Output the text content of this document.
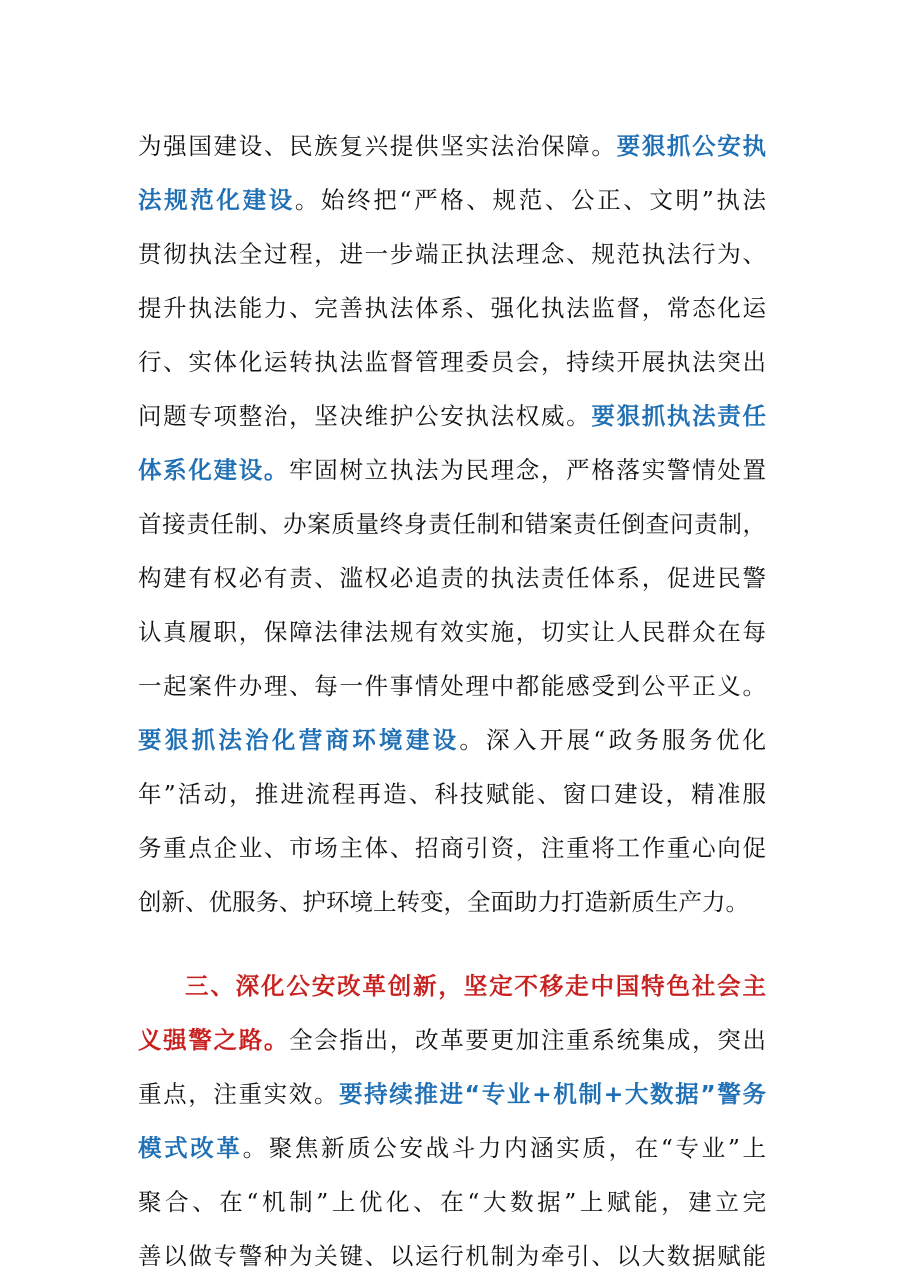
为强国建设、民族复兴提供坚实法治保障。要狠抓公安执
法规范化建设。始终把“严格、规范、公正、文明”执法
贯彻执法全过程，进一步端正执法理念、规范执法行为、
提升执法能力、完善执法体系、强化执法监督，常态化运
行、实体化运转执法监督管理委员会，持续开展执法突出
问题专项整治，坚决维护公安执法权威。要狠抓执法责任
体系化建设。牢固树立执法为民理念，严格落实警情处置
首接责任制、办案质量终身责任制和错案责任倒查问责制，
构建有权必有责、滥权必追责的执法责任体系，促进民警
认真履职，保障法律法规有效实施，切实让人民群众在每
一起案件办理、每一件事情处理中都能感受到公平正义。
要狠抓法治化营商环境建设。深入开展“政务服务优化
年”活动，推进流程再造、科技赋能、窗口建设，精准服
务重点企业、市场主体、招商引资，注重将工作重心向促
创新、优服务、护环境上转变，全面助力打造新质生产力。
三、深化公安改革创新，坚定不移走中国特色社会主
义强警之路。全会指出，改革要更加注重系统集成，突出
重点，注重实效。要持续推进“专业+机制+大数据”警务
模式改革。聚焦新质公安战斗力内涵实质，在“专业”上
聚合、在“机制”上优化、在“大数据”上赋能，建立完
善以做专警种为关键、以运行机制为牵引、以大数据赋能
